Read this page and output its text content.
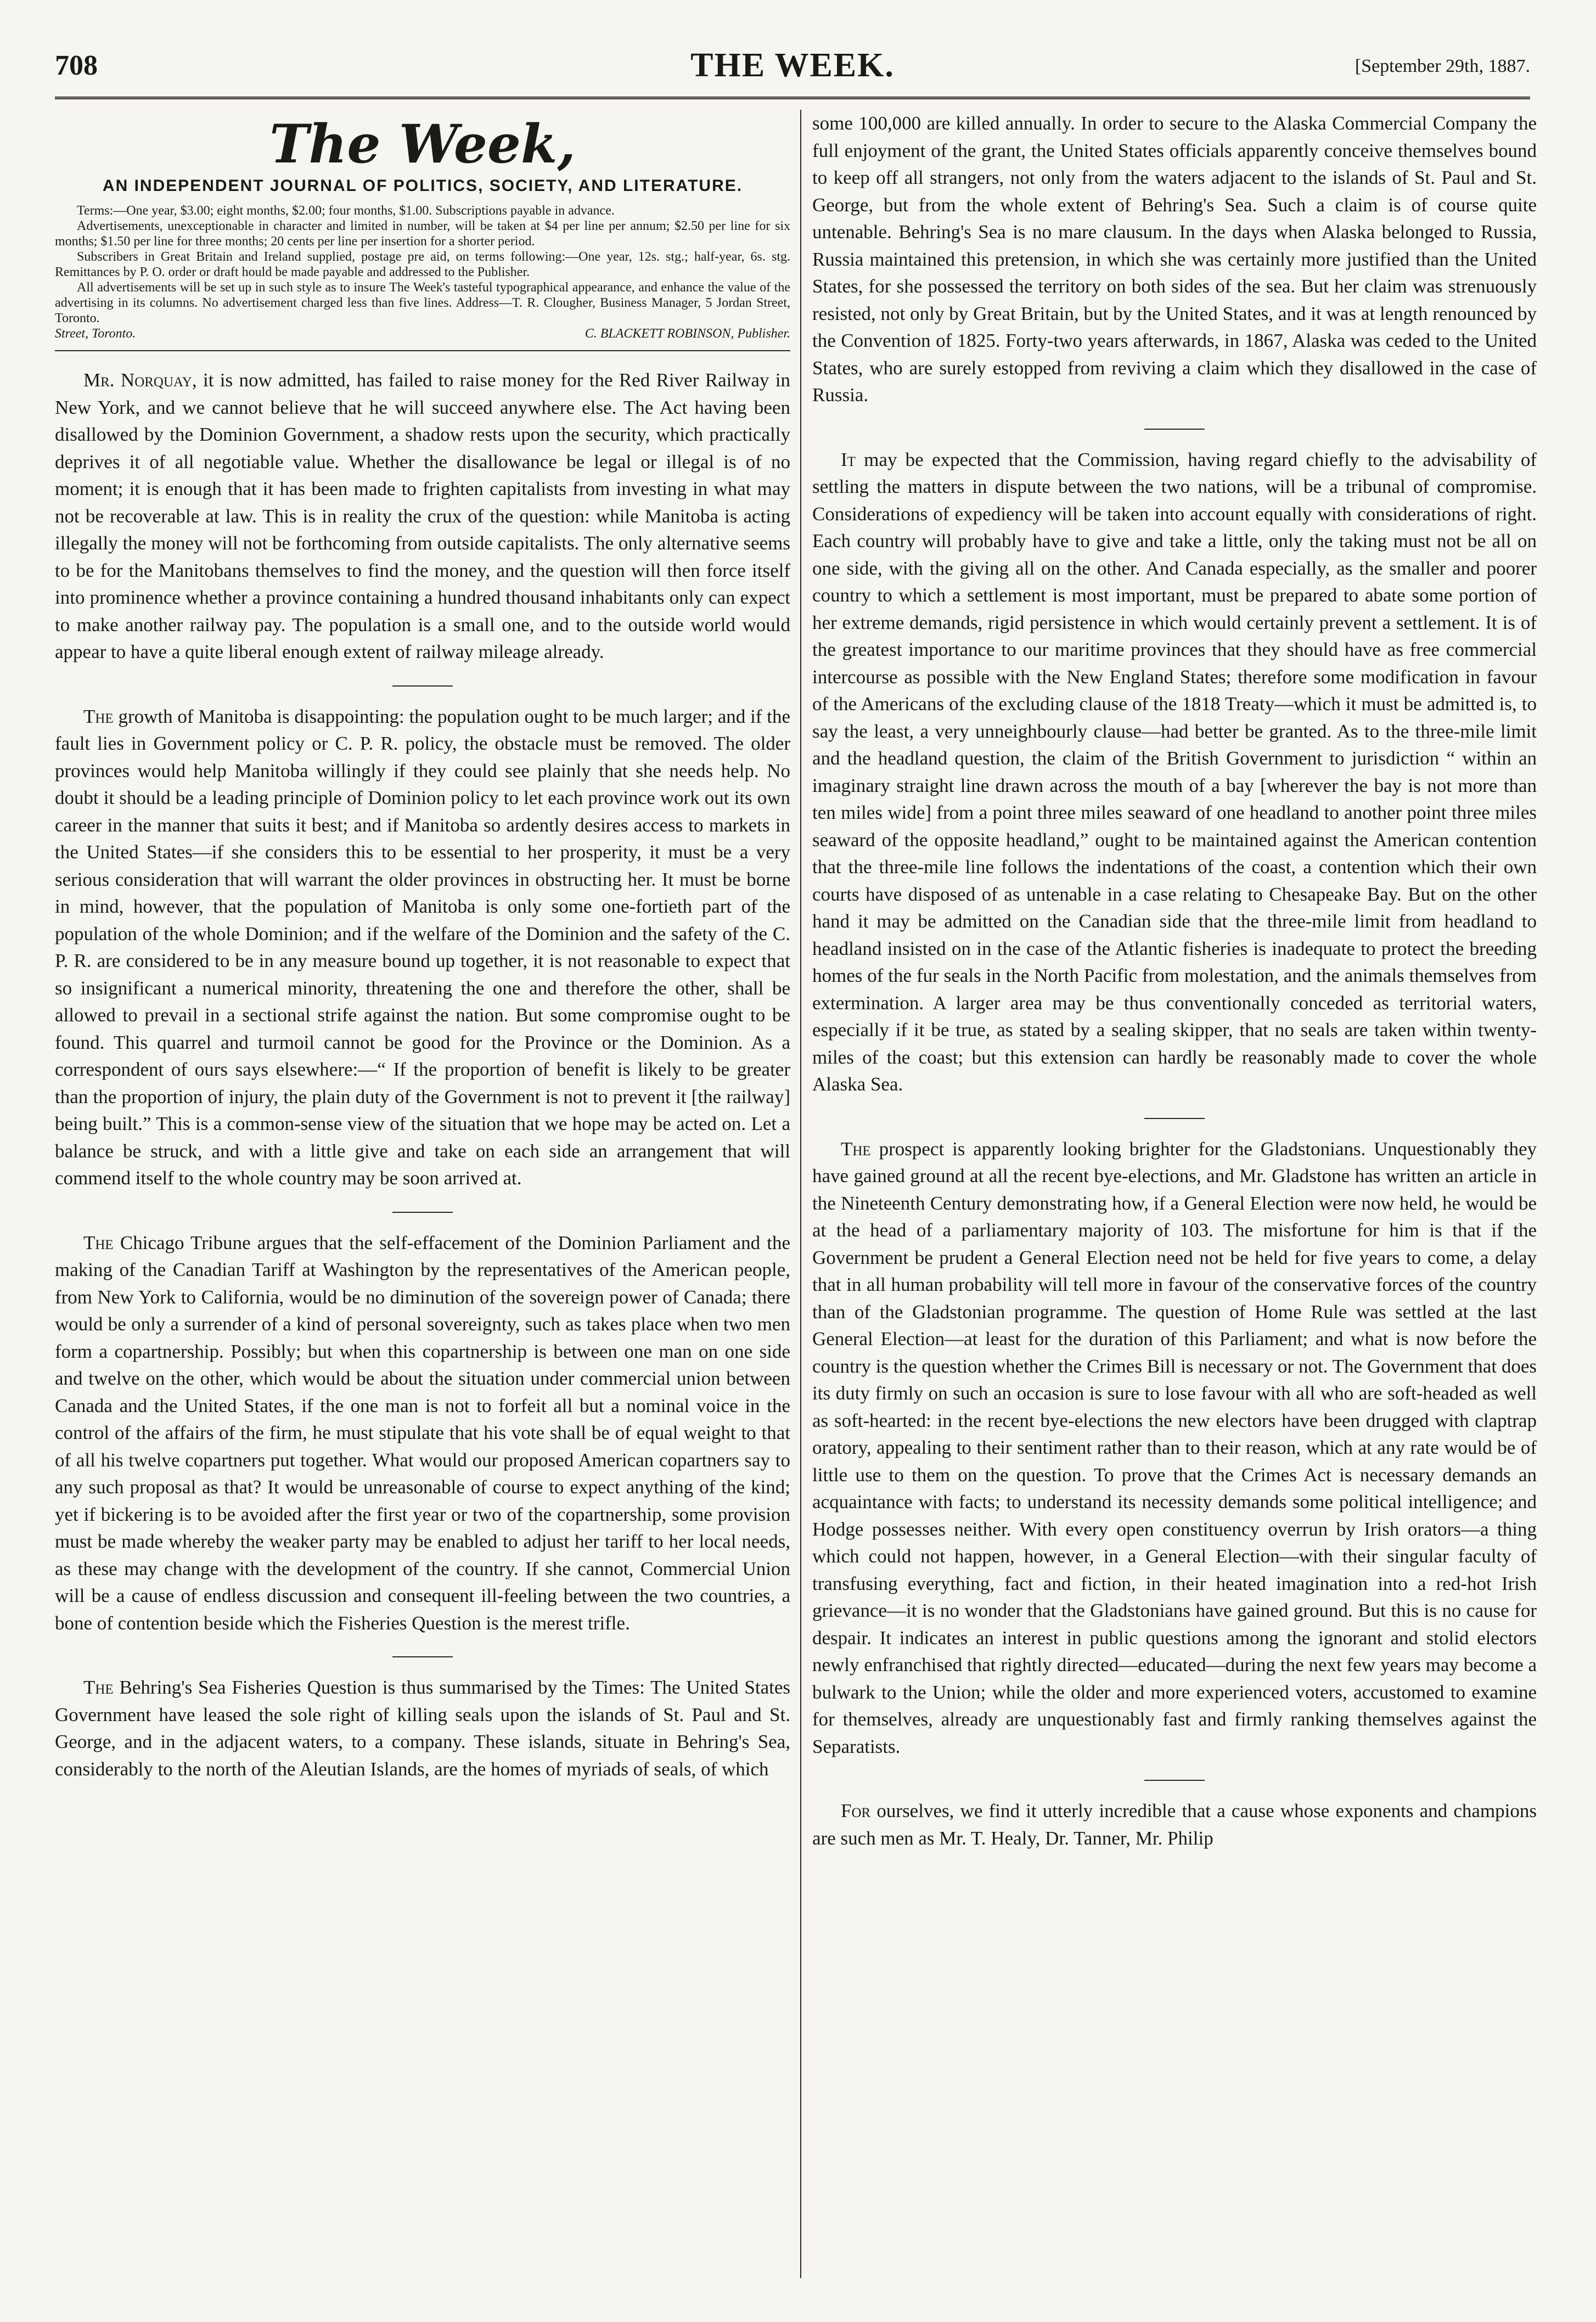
708	THE WEEK.	[September 29th, 1887.
The Week,
AN INDEPENDENT JOURNAL OF POLITICS, SOCIETY, AND LITERATURE.

Terms:—One year, $3.00; eight months, $2.00; four months, $1.00. Subscriptions payable in advance.

Advertisements, unexceptionable in character and limited in number, will be taken at $4 per line per annum; $2.50 per line for six months; $1.50 per line for three months; 20 cents per line per insertion for a shorter period.

Subscribers in Great Britain and Ireland supplied, postage pre aid, on terms following:—One year, 12s. stg.; half-year, 6s. stg. Remittances by P. O. order or draft hould be made payable and addressed to the Publisher.

All advertisements will be set up in such style as to insure The Week's tasteful typographical appearance, and enhance the value of the advertising in its columns. No advertisement charged less than five lines. Address—T. R. Clougher, Business Manager, 5 Jordan Street, Toronto.

Street, Toronto.	C. BLACKETT ROBINSON, Publisher.

Mr. Norquay, it is now admitted, has failed to raise money for the Red River Railway in New York, and we cannot believe that he will succeed anywhere else. The Act having been disallowed by the Dominion Government, a shadow rests upon the security, which practically deprives it of all negotiable value. Whether the disallowance be legal or illegal is of no moment; it is enough that it has been made to frighten capitalists from investing in what may not be recoverable at law. This is in reality the crux of the question: while Manitoba is acting illegally the money will not be forthcoming from outside capitalists. The only alternative seems to be for the Manitobans themselves to find the money, and the question will then force itself into prominence whether a province containing a hundred thousand inhabitants only can expect to make another railway pay. The population is a small one, and to the outside world would appear to have a quite liberal enough extent of railway mileage already.

The growth of Manitoba is disappointing: the population ought to be much larger; and if the fault lies in Government policy or C. P. R. policy, the obstacle must be removed. The older provinces would help Manitoba willingly if they could see plainly that she needs help. No doubt it should be a leading principle of Dominion policy to let each province work out its own career in the manner that suits it best; and if Manitoba so ardently desires access to markets in the United States—if she considers this to be essential to her prosperity, it must be a very serious consideration that will warrant the older provinces in obstructing her. It must be borne in mind, however, that the population of Manitoba is only some one-fortieth part of the population of the whole Dominion; and if the welfare of the Dominion and the safety of the C. P. R. are considered to be in any measure bound up together, it is not reasonable to expect that so insignificant a numerical minority, threatening the one and therefore the other, shall be allowed to prevail in a sectional strife against the nation. But some compromise ought to be found. This quarrel and turmoil cannot be good for the Province or the Dominion. As a correspondent of ours says elsewhere:—“ If the proportion of benefit is likely to be greater than the proportion of injury, the plain duty of the Government is not to prevent it [the railway] being built.” This is a common-sense view of the situation that we hope may be acted on. Let a balance be struck, and with a little give and take on each side an arrangement that will commend itself to the whole country may be soon arrived at.

The Chicago Tribune argues that the self-effacement of the Dominion Parliament and the making of the Canadian Tariff at Washington by the representatives of the American people, from New York to California, would be no diminution of the sovereign power of Canada; there would be only a surrender of a kind of personal sovereignty, such as takes place when two men form a copartnership. Possibly; but when this copartnership is between one man on one side and twelve on the other, which would be about the situation under commercial union between Canada and the United States, if the one man is not to forfeit all but a nominal voice in the control of the affairs of the firm, he must stipulate that his vote shall be of equal weight to that of all his twelve copartners put together. What would our proposed American copartners say to any such proposal as that? It would be unreasonable of course to expect anything of the kind; yet if bickering is to be avoided after the first year or two of the copartnership, some provision must be made whereby the weaker party may be enabled to adjust her tariff to her local needs, as these may change with the development of the country. If she cannot, Commercial Union will be a cause of endless discussion and consequent ill-feeling between the two countries, a bone of contention beside which the Fisheries Question is the merest trifle.

The Behring's Sea Fisheries Question is thus summarised by the Times: The United States Government have leased the sole right of killing seals upon the islands of St. Paul and St. George, and in the adjacent waters, to a company. These islands, situate in Behring's Sea, considerably to the north of the Aleutian Islands, are the homes of myriads of seals, of which

some 100,000 are killed annually. In order to secure to the Alaska Commercial Company the full enjoyment of the grant, the United States officials apparently conceive themselves bound to keep off all strangers, not only from the waters adjacent to the islands of St. Paul and St. George, but from the whole extent of Behring's Sea. Such a claim is of course quite untenable. Behring's Sea is no mare clausum. In the days when Alaska belonged to Russia, Russia maintained this pretension, in which she was certainly more justified than the United States, for she possessed the territory on both sides of the sea. But her claim was strenuously resisted, not only by Great Britain, but by the United States, and it was at length renounced by the Convention of 1825. Forty-two years afterwards, in 1867, Alaska was ceded to the United States, who are surely estopped from reviving a claim which they disallowed in the case of Russia.

It may be expected that the Commission, having regard chiefly to the advisability of settling the matters in dispute between the two nations, will be a tribunal of compromise. Considerations of expediency will be taken into account equally with considerations of right. Each country will probably have to give and take a little, only the taking must not be all on one side, with the giving all on the other. And Canada especially, as the smaller and poorer country to which a settlement is most important, must be prepared to abate some portion of her extreme demands, rigid persistence in which would certainly prevent a settlement. It is of the greatest importance to our maritime provinces that they should have as free commercial intercourse as possible with the New England States; therefore some modification in favour of the Americans of the excluding clause of the 1818 Treaty—which it must be admitted is, to say the least, a very unneighbourly clause—had better be granted. As to the three-mile limit and the headland question, the claim of the British Government to jurisdiction “ within an imaginary straight line drawn across the mouth of a bay [wherever the bay is not more than ten miles wide] from a point three miles seaward of one headland to another point three miles seaward of the opposite headland,” ought to be maintained against the American contention that the three-mile line follows the indentations of the coast, a contention which their own courts have disposed of as untenable in a case relating to Chesapeake Bay. But on the other hand it may be admitted on the Canadian side that the three-mile limit from headland to headland insisted on in the case of the Atlantic fisheries is inadequate to protect the breeding homes of the fur seals in the North Pacific from molestation, and the animals themselves from extermination. A larger area may be thus conventionally conceded as territorial waters, especially if it be true, as stated by a sealing skipper, that no seals are taken within twenty-miles of the coast; but this extension can hardly be reasonably made to cover the whole Alaska Sea.

The prospect is apparently looking brighter for the Gladstonians. Unquestionably they have gained ground at all the recent bye-elections, and Mr. Gladstone has written an article in the Nineteenth Century demonstrating how, if a General Election were now held, he would be at the head of a parliamentary majority of 103. The misfortune for him is that if the Government be prudent a General Election need not be held for five years to come, a delay that in all human probability will tell more in favour of the conservative forces of the country than of the Gladstonian programme. The question of Home Rule was settled at the last General Election—at least for the duration of this Parliament; and what is now before the country is the question whether the Crimes Bill is necessary or not. The Government that does its duty firmly on such an occasion is sure to lose favour with all who are soft-headed as well as soft-hearted: in the recent bye-elections the new electors have been drugged with claptrap oratory, appealing to their sentiment rather than to their reason, which at any rate would be of little use to them on the question. To prove that the Crimes Act is necessary demands an acquaintance with facts; to understand its necessity demands some political intelligence; and Hodge possesses neither. With every open constituency overrun by Irish orators—a thing which could not happen, however, in a General Election—with their singular faculty of transfusing everything, fact and fiction, in their heated imagination into a red-hot Irish grievance—it is no wonder that the Gladstonians have gained ground. But this is no cause for despair. It indicates an interest in public questions among the ignorant and stolid electors newly enfranchised that rightly directed—educated—during the next few years may become a bulwark to the Union; while the older and more experienced voters, accustomed to examine for themselves, already are unquestionably fast and firmly ranking themselves against the Separatists.

For ourselves, we find it utterly incredible that a cause whose exponents and champions are such men as Mr. T. Healy, Dr. Tanner, Mr. Philip
